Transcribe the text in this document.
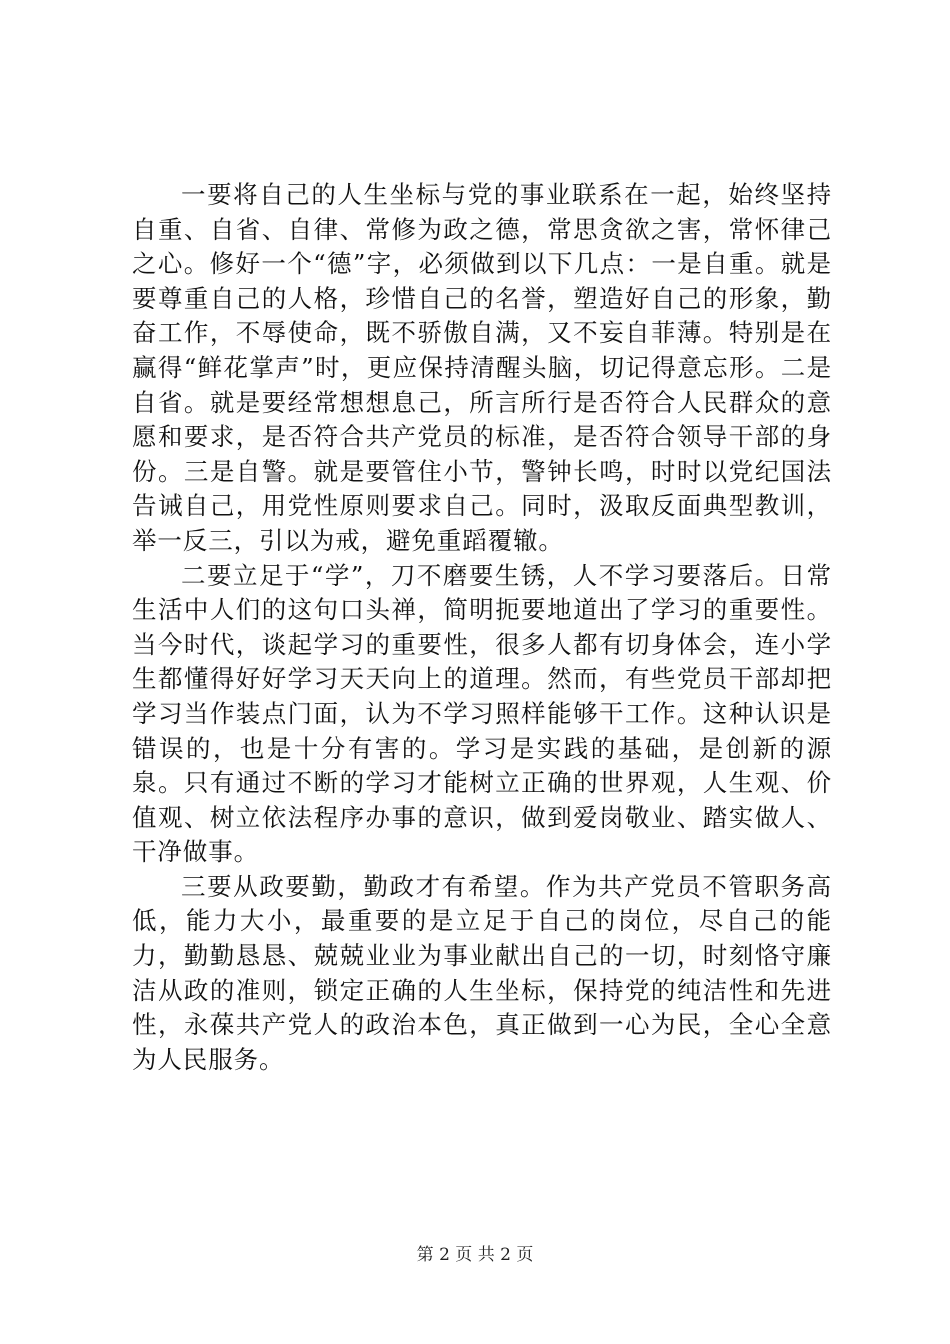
一要将自己的人生坐标与党的事业联系在一起，始终坚持自重、自省、自律、常修为政之德，常思贪欲之害，常怀律己之心。修好一个“德”字，必须做到以下几点：一是自重。就是要尊重自己的人格，珍惜自己的名誉，塑造好自己的形象，勤奋工作，不辱使命，既不骄傲自满，又不妄自菲薄。特别是在赢得“鲜花掌声”时，更应保持清醒头脑，切记得意忘形。二是自省。就是要经常想想息己，所言所行是否符合人民群众的意愿和要求，是否符合共产党员的标准，是否符合领导干部的身份。三是自警。就是要管住小节，警钟长鸣，时时以党纪国法告诫自己，用党性原则要求自己。同时，汲取反面典型教训，举一反三，引以为戒，避免重蹈覆辙。

二要立足于“学”，刀不磨要生锈，人不学习要落后。日常生活中人们的这句口头禅，简明扼要地道出了学习的重要性。当今时代，谈起学习的重要性，很多人都有切身体会，连小学生都懂得好好学习天天向上的道理。然而，有些党员干部却把学习当作装点门面，认为不学习照样能够干工作。这种认识是错误的，也是十分有害的。学习是实践的基础，是创新的源泉。只有通过不断的学习才能树立正确的世界观，人生观、价值观、树立依法程序办事的意识，做到爱岗敬业、踏实做人、干净做事。

三要从政要勤，勤政才有希望。作为共产党员不管职务高低，能力大小，最重要的是立足于自己的岗位，尽自己的能力，勤勤恳恳、兢兢业业为事业献出自己的一切，时刻恪守廉洁从政的准则，锁定正确的人生坐标，保持党的纯洁性和先进性，永葆共产党人的政治本色，真正做到一心为民，全心全意为人民服务。

第 2 页 共 2 页
